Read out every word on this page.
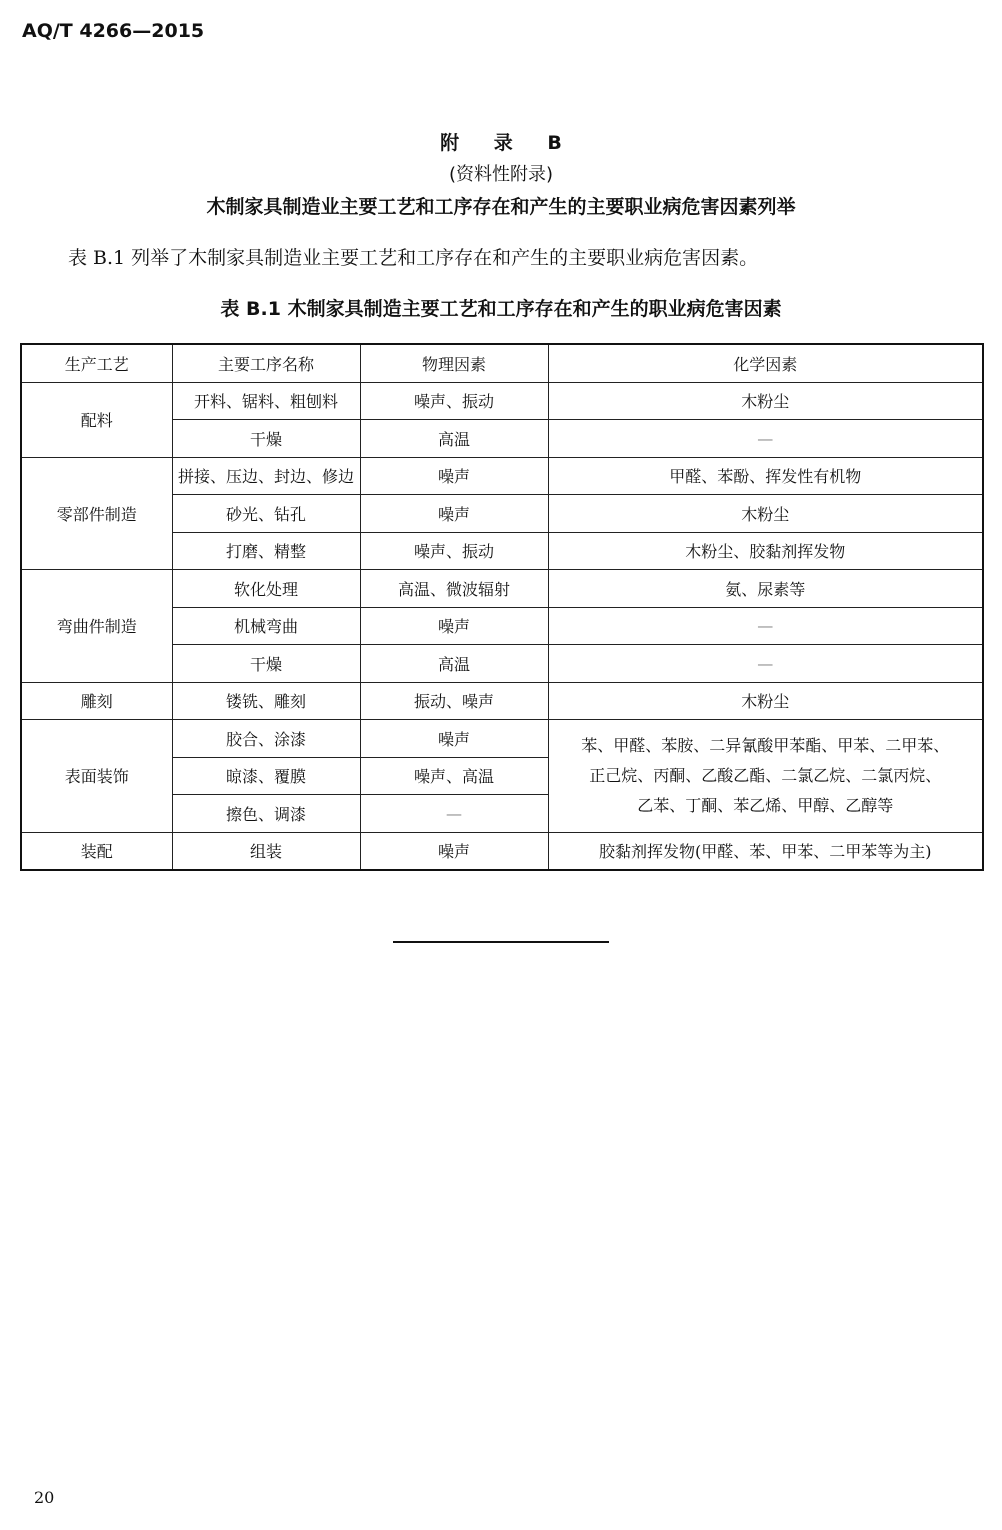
AQ/T 4266—2015
附 录 B
(资料性附录)
木制家具制造业主要工艺和工序存在和产生的主要职业病危害因素列举
表 B.1 列举了木制家具制造业主要工艺和工序存在和产生的主要职业病危害因素。
表 B.1 木制家具制造主要工艺和工序存在和产生的职业病危害因素
生产工艺	主要工序名称	物理因素	化学因素
配料	开料、锯料、粗刨料	噪声、振动	木粉尘
	干燥	高温	—
零部件制造	拼接、压边、封边、修边	噪声	甲醛、苯酚、挥发性有机物
	砂光、钻孔	噪声	木粉尘
	打磨、精整	噪声、振动	木粉尘、胶黏剂挥发物
弯曲件制造	软化处理	高温、微波辐射	氨、尿素等
	机械弯曲	噪声	—
	干燥	高温	—
雕刻	镂铣、雕刻	振动、噪声	木粉尘
表面装饰	胶合、涂漆	噪声	苯、甲醛、苯胺、二异氰酸甲苯酯、甲苯、二甲苯、
正己烷、丙酮、乙酸乙酯、二氯乙烷、二氯丙烷、
乙苯、丁酮、苯乙烯、甲醇、乙醇等

	晾漆、覆膜	噪声、高温	
	擦色、调漆	—	
装配	组装	噪声	胶黏剂挥发物(甲醛、苯、甲苯、二甲苯等为主)
20
